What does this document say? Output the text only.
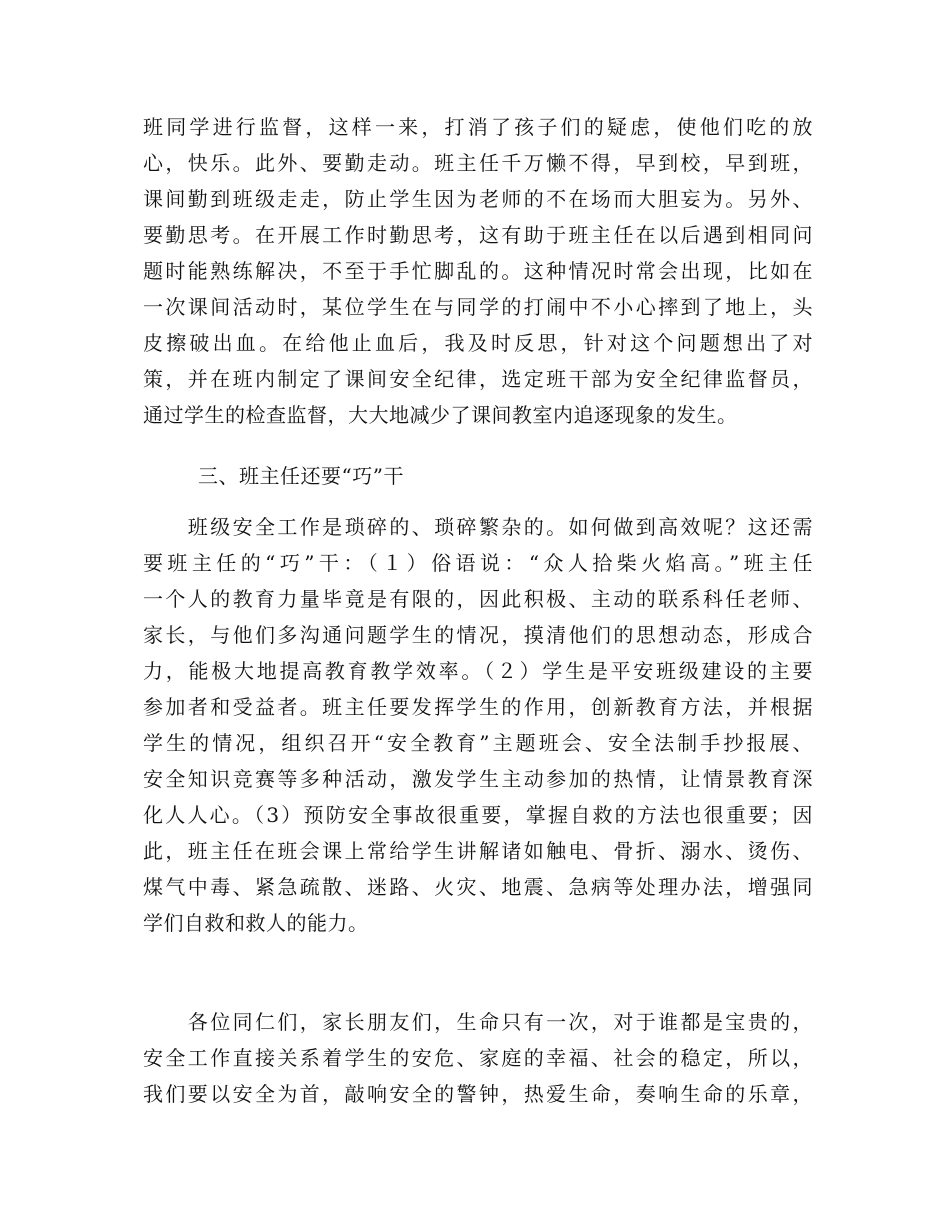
班同学进行监督，这样一来，打消了孩子们的疑虑，使他们吃的放
心，快乐。此外、要勤走动。班主任千万懒不得，早到校，早到班，
课间勤到班级走走，防止学生因为老师的不在场而大胆妄为。另外、
要勤思考。在开展工作时勤思考，这有助于班主任在以后遇到相同问
题时能熟练解决，不至于手忙脚乱的。这种情况时常会出现，比如在
一次课间活动时，某位学生在与同学的打闹中不小心摔到了地上，头
皮擦破出血。在给他止血后，我及时反思，针对这个问题想出了对
策，并在班内制定了课间安全纪律，选定班干部为安全纪律监督员，
通过学生的检查监督，大大地减少了课间教室内追逐现象的发生。
三、班主任还要“巧”干
　　班级安全工作是琐碎的、琐碎繁杂的。如何做到高效呢？这还需
要班主任的“巧”干：（１）俗语说：“众人拾柴火焰高。”班主任
一个人的教育力量毕竟是有限的，因此积极、主动的联系科任老师、
家长，与他们多沟通问题学生的情况，摸清他们的思想动态，形成合
力，能极大地提高教育教学效率。（２）学生是平安班级建设的主要
参加者和受益者。班主任要发挥学生的作用，创新教育方法，并根据
学生的情况，组织召开“安全教育”主题班会、安全法制手抄报展、
安全知识竞赛等多种活动，激发学生主动参加的热情，让情景教育深
化人人心。（3）预防安全事故很重要，掌握自救的方法也很重要；因
此，班主任在班会课上常给学生讲解诸如触电、骨折、溺水、烫伤、
煤气中毒、紧急疏散、迷路、火灾、地震、急病等处理办法，增强同
学们自救和救人的能力。
　　各位同仁们，家长朋友们，生命只有一次，对于谁都是宝贵的，
安全工作直接关系着学生的安危、家庭的幸福、社会的稳定，所以，
我们要以安全为首，敲响安全的警钟，热爱生命，奏响生命的乐章，
